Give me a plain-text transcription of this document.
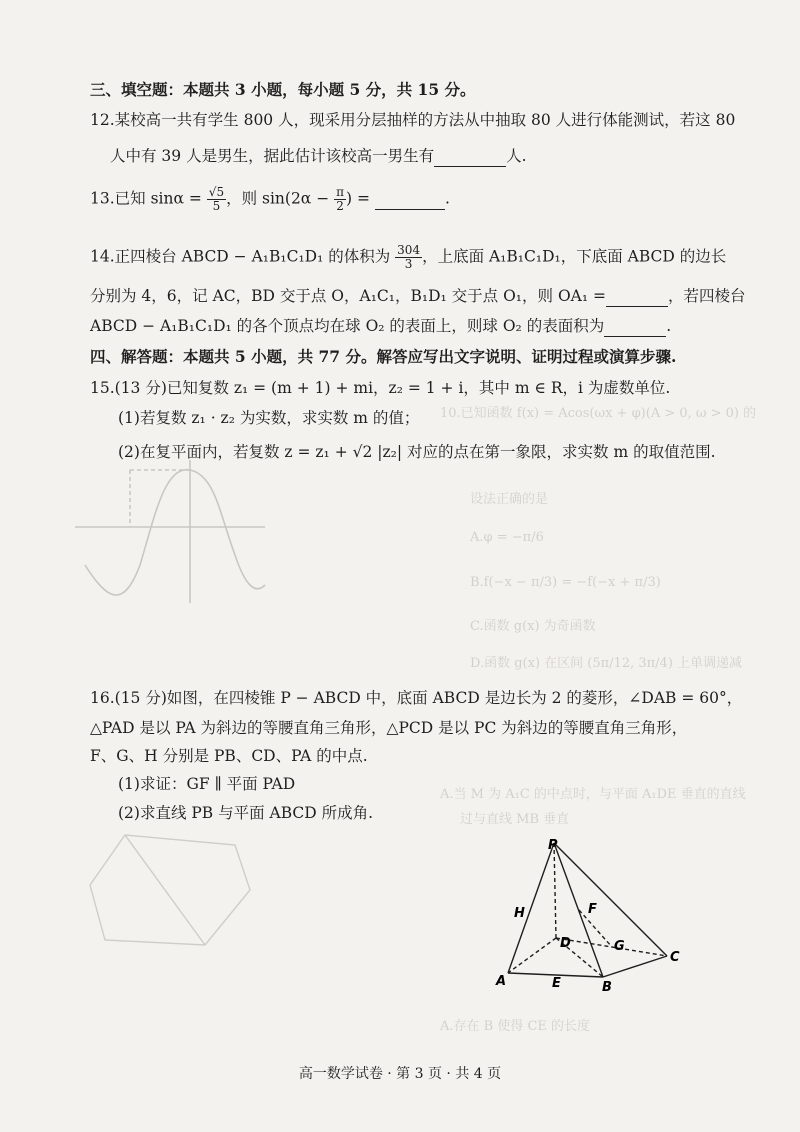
设法正确的是
A.φ = −π/6
B.f(−x − π/3) = −f(−x + π/3)
C.函数 g(x) 为奇函数
D.函数 g(x) 在区间 (5π/12, 3π/4) 上单调递减
10.已知函数 f(x) = Acos(ωx + φ)(A > 0, ω > 0) 的
A.当 M 为 A₁C 的中点时，与平面 A₁DE 垂直的直线
过与直线 MB 垂直
A.存在 B 使得 CE 的长度
三、填空题：本题共 3 小题，每小题 5 分，共 15 分。
12.某校高一共有学生 800 人，现采用分层抽样的方法从中抽取 80 人进行体能测试，若这 80
人中有 39 人是男生，据此估计该校高一男生有	人.
13.已知 $\sin\alpha = \frac{√5}{5}$ ，则 $\sin(2\alpha - \frac{\pi}{2}$ ) =	.
14.正四棱台 ABCD − A₁B₁C₁D₁ 的体积为 $\frac{304}{3}$ ，上底面 A₁B₁C₁D₁，下底面 ABCD 的边长
分别为 4，6，记 AC，BD 交于点 O，A₁C₁，B₁D₁ 交于点 O₁，则 OA₁ =	，若四棱台
ABCD − A₁B₁C₁D₁ 的各个顶点均在球 O₂ 的表面上，则球 O₂ 的表面积为	.
四、解答题：本题共 5 小题，共 77 分。解答应写出文字说明、证明过程或演算步骤.
15.(13 分)已知复数 z₁ = (m + 1) + mi，z₂ = 1 + i，其中 m ∈ R，i 为虚数单位.
(1)若复数 z₁ · z₂ 为实数，求实数 m 的值；
(2)在复平面内，若复数 z = z₁ + √2 |z₂| 对应的点在第一象限，求实数 m 的取值范围.
16.(15 分)如图，在四棱锥 P − ABCD 中，底面 ABCD 是边长为 2 的菱形，∠DAB = 60°，
△PAD 是以 PA 为斜边的等腰直角三角形，△PCD 是以 PC 为斜边的等腰直角三角形，
F、G、H 分别是 PB、CD、PA 的中点.
(1)求证：GF ∥ 平面 PAD
(2)求直线 PB 与平面 ABCD 所成角.
P
H	F
D	G
C
A	E	B
高一数学试卷 · 第 3 页 · 共 4 页
